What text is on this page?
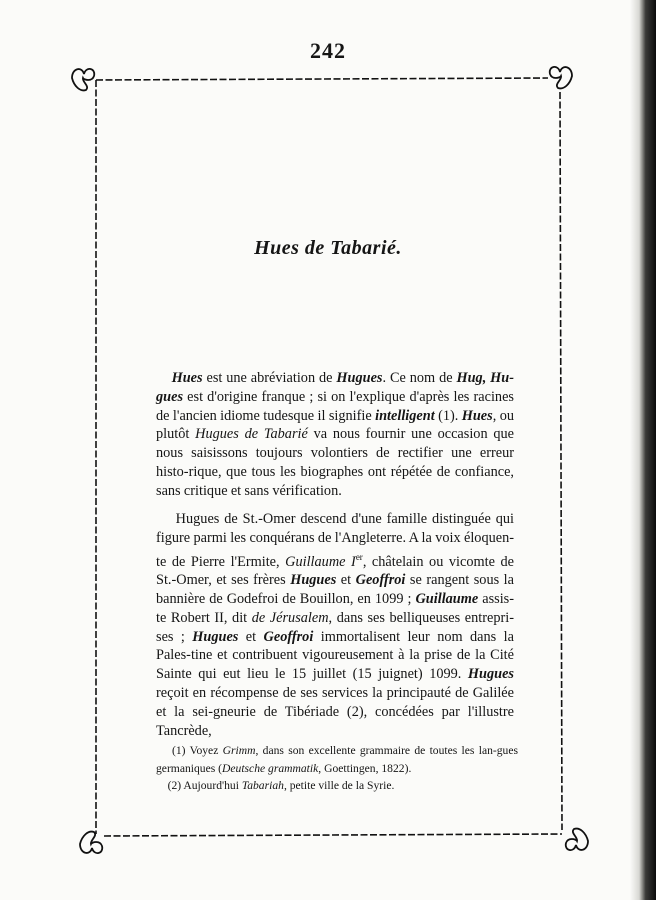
242
Hues de Tabarié.

Hues est une abréviation de Hugues. Ce nom de Hug, Hu- gues est d'origine franque ; si on l'explique d'après les racines de l'ancien idiome tudesque il signifie intelligent (1). Hues, ou plutôt Hugues de Tabarié va nous fournir une occasion que nous saisissons toujours volontiers de rectifier une erreur histo-rique, que tous les biographes ont répétée de confiance, sans critique et sans vérification.

Hugues de St.-Omer descend d'une famille distinguée qui figure parmi les conquérans de l'Angleterre. A la voix éloquen-te de Pierre l'Ermite, Guillaume Ier, châtelain ou vicomte de St.-Omer, et ses frères Hugues et Geoffroi se rangent sous la bannière de Godefroi de Bouillon, en 1099 ; Guillaume assis-te Robert II, dit de Jérusalem, dans ses belliqueuses entrepri-ses ; Hugues et Geoffroi immortalisent leur nom dans la Pales-tine et contribuent vigoureusement à la prise de la Cité Sainte qui eut lieu le 15 juillet (15 juignet) 1099. Hugues reçoit en récompense de ses services la principauté de Galilée et la sei-gneurie de Tibériade (2), concédées par l'illustre Tancrède,

(1) Voyez Grimm, dans son excellente grammaire de toutes les lan-gues germaniques (Deutsche grammatik, Goettingen, 1822).

(2) Aujourd'hui Tabariah, petite ville de la Syrie.
